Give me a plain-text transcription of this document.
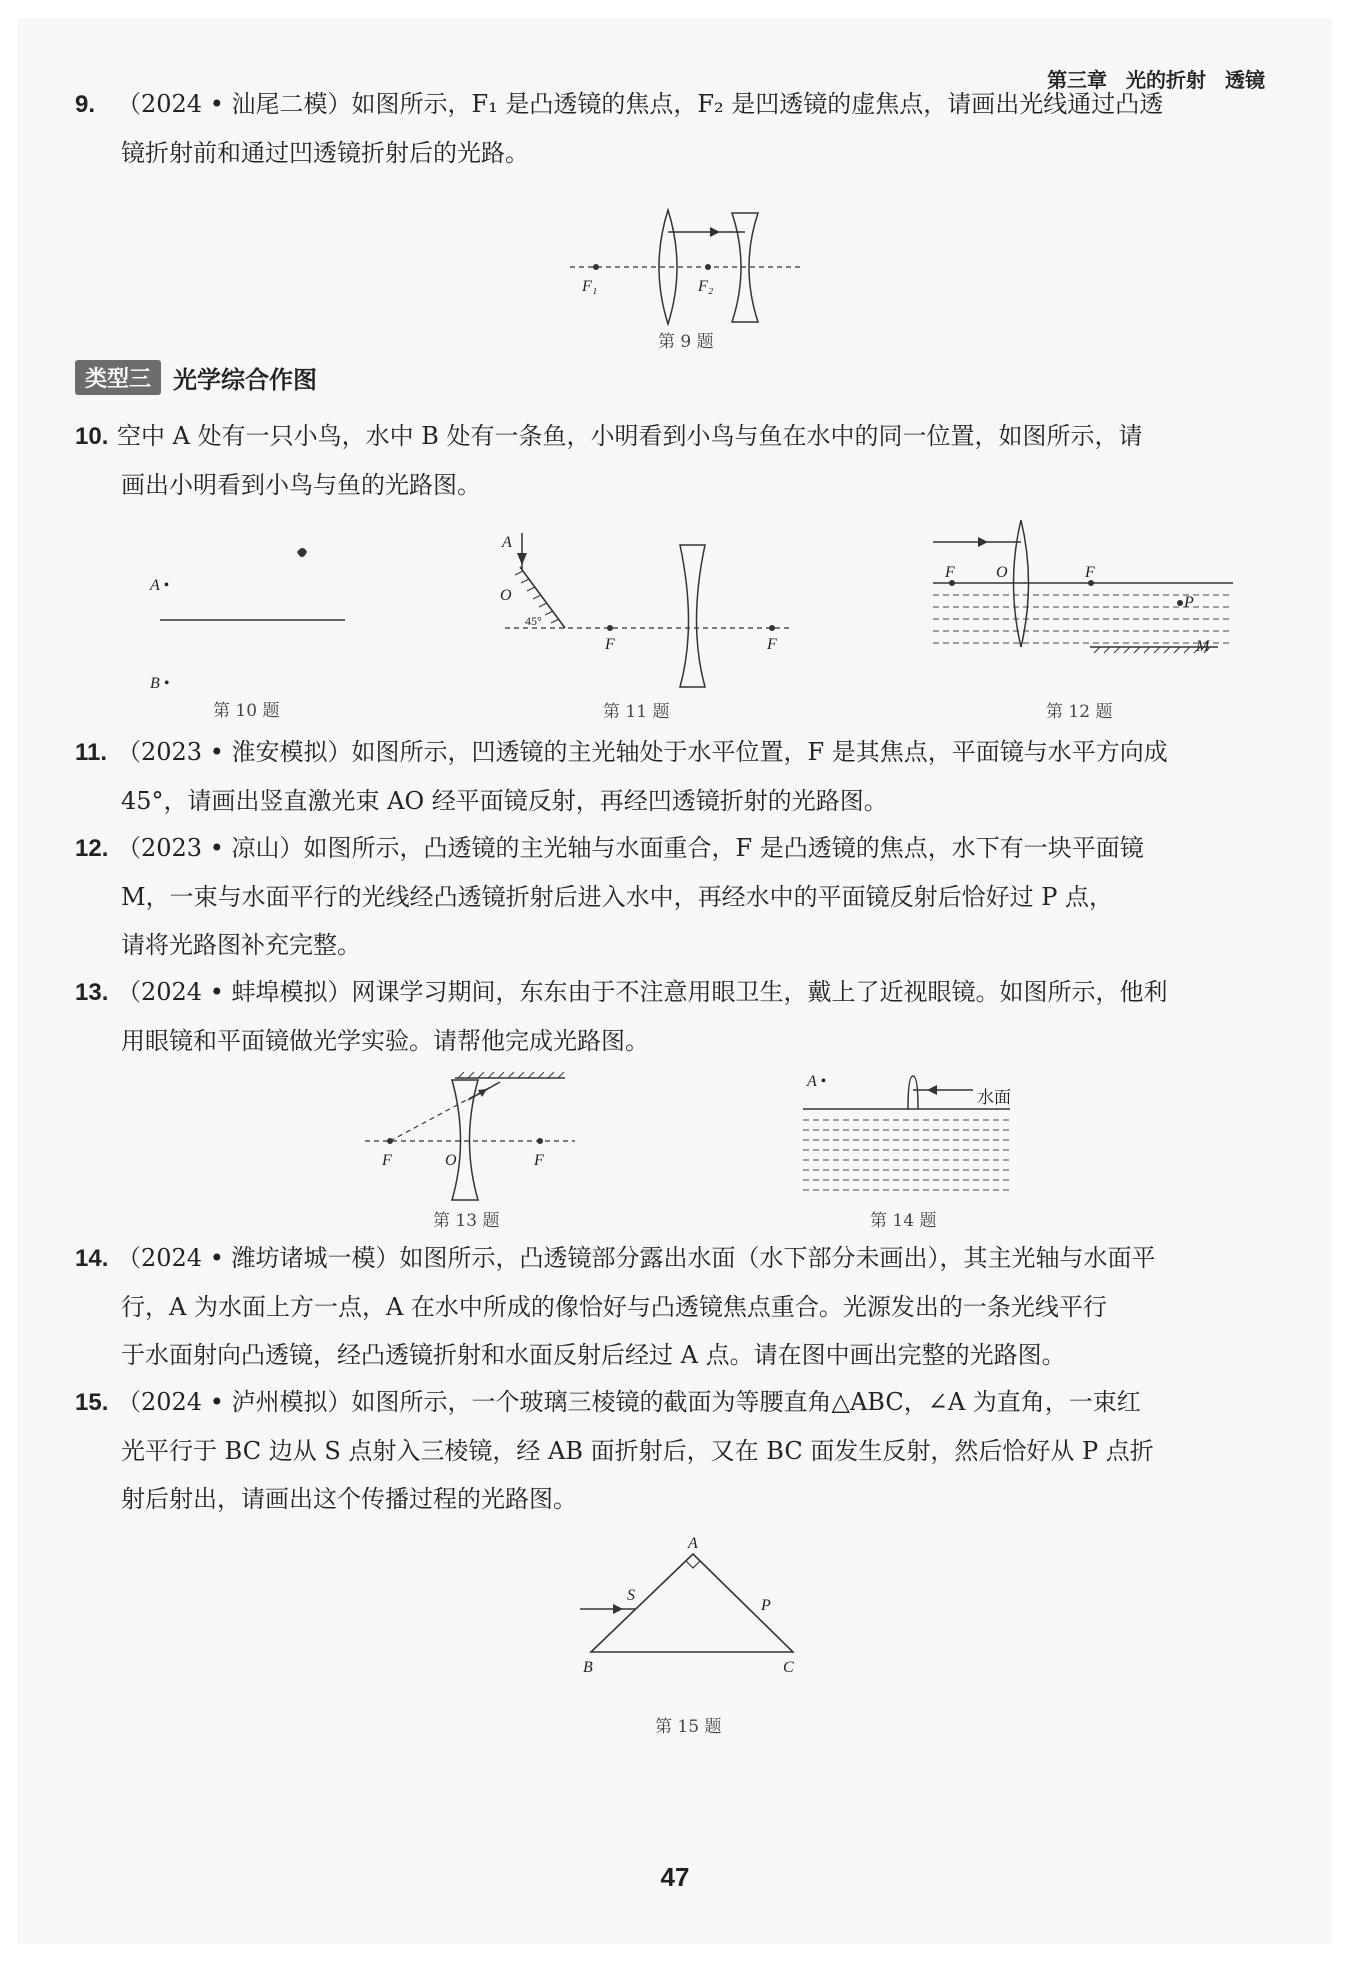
第三章 光的折射 透镜
9. （2024 • 汕尾二模）如图所示，F₁ 是凸透镜的焦点，F₂ 是凹透镜的虚焦点，请画出光线通过凸透
镜折射前和通过凹透镜折射后的光路。
F₁	F₂
第 9 题
类型三 光学综合作图
10. 空中 A 处有一只小鸟，水中 B 处有一条鱼，小明看到小鸟与鱼在水中的同一位置，如图所示，请
画出小明看到小鸟与鱼的光路图。
A •
B •
第 10 题
A
O
45°
F	F
第 11 题
F	O	F
P
M
第 12 题
11. （2023 • 淮安模拟）如图所示，凹透镜的主光轴处于水平位置，F 是其焦点，平面镜与水平方向成
45°，请画出竖直激光束 AO 经平面镜反射，再经凹透镜折射的光路图。
12. （2023 • 凉山）如图所示，凸透镜的主光轴与水面重合，F 是凸透镜的焦点，水下有一块平面镜
M，一束与水面平行的光线经凸透镜折射后进入水中，再经水中的平面镜反射后恰好过 P 点，
请将光路图补充完整。
13. （2024 • 蚌埠模拟）网课学习期间，东东由于不注意用眼卫生，戴上了近视眼镜。如图所示，他利
用眼镜和平面镜做光学实验。请帮他完成光路图。
F	O	F
第 13 题
A •
水面
第 14 题
14. （2024 • 潍坊诸城一模）如图所示，凸透镜部分露出水面（水下部分未画出），其主光轴与水面平
行，A 为水面上方一点，A 在水中所成的像恰好与凸透镜焦点重合。光源发出的一条光线平行
于水面射向凸透镜，经凸透镜折射和水面反射后经过 A 点。请在图中画出完整的光路图。
15. （2024 • 泸州模拟）如图所示，一个玻璃三棱镜的截面为等腰直角△ABC，∠A 为直角，一束红
光平行于 BC 边从 S 点射入三棱镜，经 AB 面折射后，又在 BC 面发生反射，然后恰好从 P 点折
射后射出，请画出这个传播过程的光路图。
A
B	C
S
P
第 15 题
47
